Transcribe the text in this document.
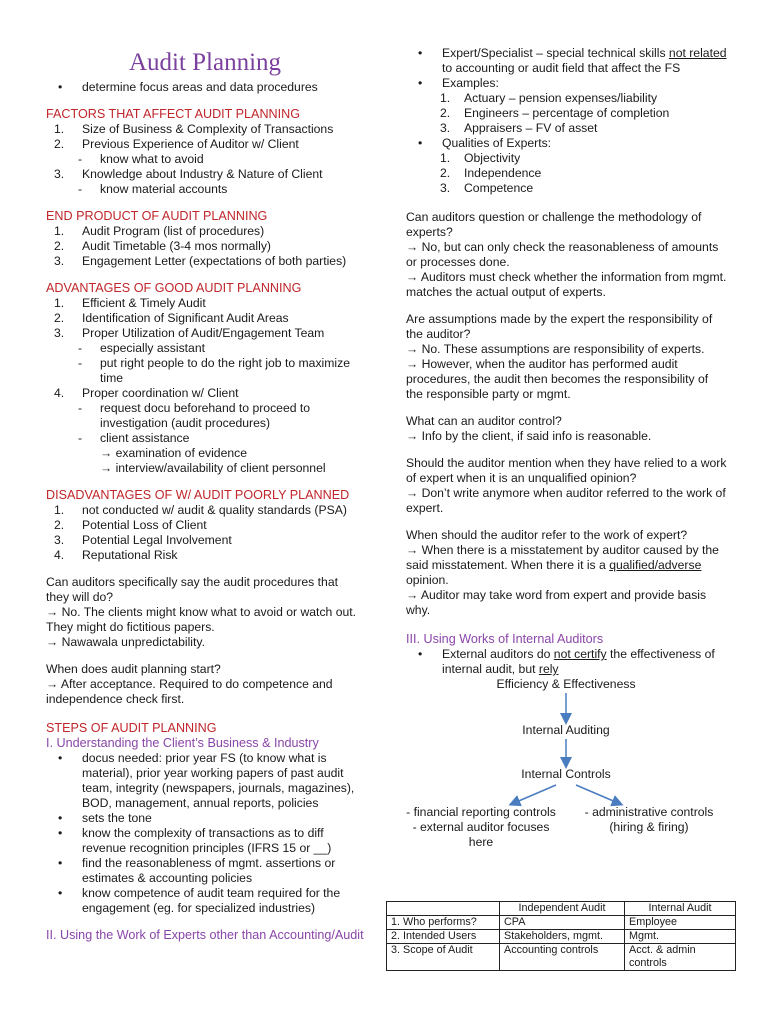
Audit Planning
• determine focus areas and data procedures
FACTORS THAT AFFECT AUDIT PLANNING
1. Size of Business & Complexity of Transactions
2. Previous Experience of Auditor w/ Client
- know what to avoid
3. Knowledge about Industry & Nature of Client
- know material accounts
END PRODUCT OF AUDIT PLANNING
1. Audit Program (list of procedures)
2. Audit Timetable (3-4 mos normally)
3. Engagement Letter (expectations of both parties)
ADVANTAGES OF GOOD AUDIT PLANNING
1. Efficient & Timely Audit
2. Identification of Significant Audit Areas
3. Proper Utilization of Audit/Engagement Team
- especially assistant
- put right people to do the right job to maximize time
4. Proper coordination w/ Client
- request docu beforehand to proceed to investigation (audit procedures)
- client assistance
→ examination of evidence
→ interview/availability of client personnel
DISADVANTAGES OF W/ AUDIT POORLY PLANNED
1. not conducted w/ audit & quality standards (PSA)
2. Potential Loss of Client
3. Potential Legal Involvement
4. Reputational Risk
Can auditors specifically say the audit procedures that they will do?
→ No. The clients might know what to avoid or watch out. They might do fictitious papers.
→ Nawawala unpredictability.
When does audit planning start?
→ After acceptance. Required to do competence and independence check first.
STEPS OF AUDIT PLANNING
I. Understanding the Client’s Business & Industry
• docus needed: prior year FS (to know what is material), prior year working papers of past audit team, integrity (newspapers, journals, magazines), BOD, management, annual reports, policies
• sets the tone
• know the complexity of transactions as to diff revenue recognition principles (IFRS 15 or __)
• find the reasonableness of mgmt. assertions or estimates & accounting policies
• know competence of audit team required for the engagement (eg. for specialized industries)
II. Using the Work of Experts other than Accounting/Audit
• Expert/Specialist – special technical skills not related to accounting or audit field that affect the FS
• Examples:
1. Actuary – pension expenses/liability
2. Engineers – percentage of completion
3. Appraisers – FV of asset
• Qualities of Experts:
1. Objectivity
2. Independence
3. Competence
Can auditors question or challenge the methodology of experts?
→ No, but can only check the reasonableness of amounts or processes done.
→ Auditors must check whether the information from mgmt. matches the actual output of experts.
Are assumptions made by the expert the responsibility of the auditor?
→ No. These assumptions are responsibility of experts.
→ However, when the auditor has performed audit procedures, the audit then becomes the responsibility of the responsible party or mgmt.
What can an auditor control?
→ Info by the client, if said info is reasonable.
Should the auditor mention when they have relied to a work of expert when it is an unqualified opinion?
→ Don’t write anymore when auditor referred to the work of expert.
When should the auditor refer to the work of expert?
→ When there is a misstatement by auditor caused by the said misstatement. When there it is a qualified/adverse opinion.
→ Auditor may take word from expert and provide basis why.
III. Using Works of Internal Auditors
• External auditors do not certify the effectiveness of internal audit, but rely
Efficiency & Effectiveness
Internal Auditing
Internal Controls
- financial reporting controls
- external auditor focuses here
- administrative controls (hiring & firing)
	Independent Audit	Internal Audit
1. Who performs?	CPA	Employee
2. Intended Users	Stakeholders, mgmt.	Mgmt.
3. Scope of Audit	Accounting controls	Acct. & admin controls
